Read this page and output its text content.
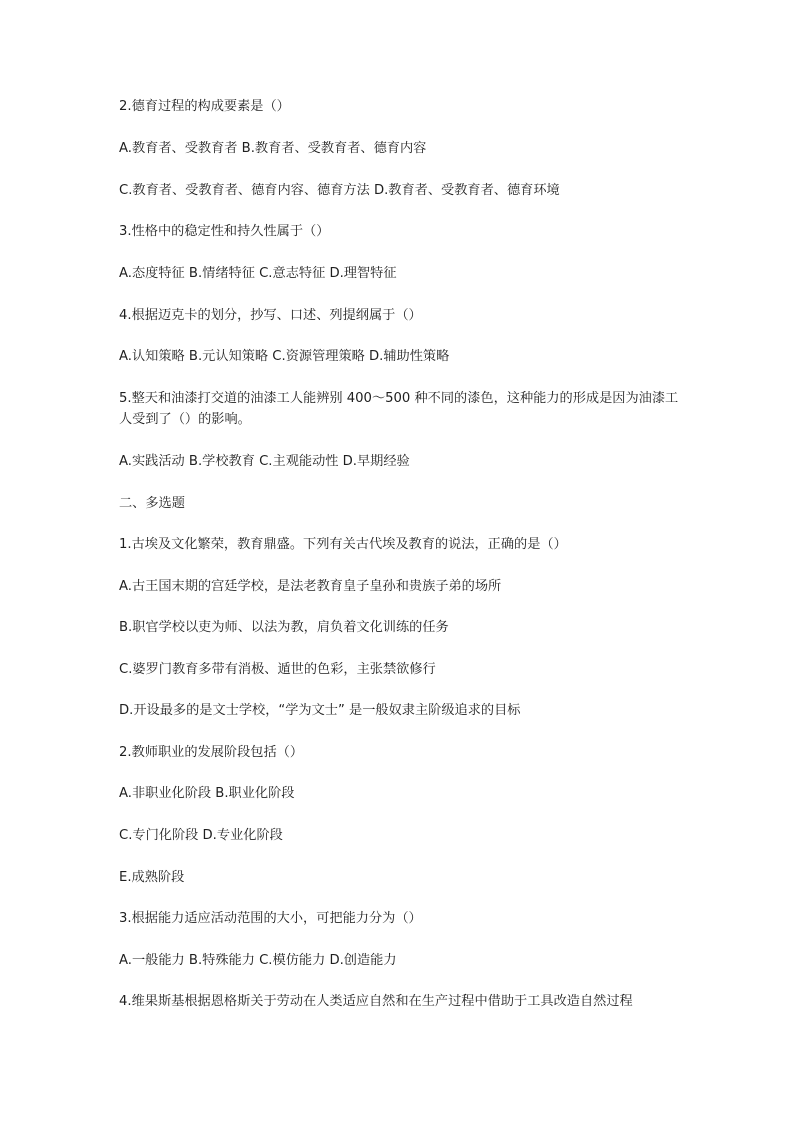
2.德育过程的构成要素是（）
A.教育者、受教育者 B.教育者、受教育者、德育内容
C.教育者、受教育者、德育内容、德育方法 D.教育者、受教育者、德育环境
3.性格中的稳定性和持久性属于（）
A.态度特征 B.情绪特征 C.意志特征 D.理智特征
4.根据迈克卡的划分，抄写、口述、列提纲属于（）
A.认知策略 B.元认知策略 C.资源管理策略 D.辅助性策略
5.整天和油漆打交道的油漆工人能辨别 400～500 种不同的漆色，这种能力的形成是因为油漆工人受到了（）的影响。
A.实践活动 B.学校教育 C.主观能动性 D.早期经验
二、多选题
1.古埃及文化繁荣，教育鼎盛。下列有关古代埃及教育的说法，正确的是（）
A.古王国末期的宫廷学校，是法老教育皇子皇孙和贵族子弟的场所
B.职官学校以吏为师、以法为教，肩负着文化训练的任务
C.婆罗门教育多带有消极、遁世的色彩，主张禁欲修行
D.开设最多的是文士学校，“学为文士” 是一般奴隶主阶级追求的目标
2.教师职业的发展阶段包括（）
A.非职业化阶段 B.职业化阶段
C.专门化阶段 D.专业化阶段
E.成熟阶段
3.根据能力适应活动范围的大小，可把能力分为（）
A.一般能力 B.特殊能力 C.模仿能力 D.创造能力
4.维果斯基根据恩格斯关于劳动在人类适应自然和在生产过程中借助于工具改造自然过程
